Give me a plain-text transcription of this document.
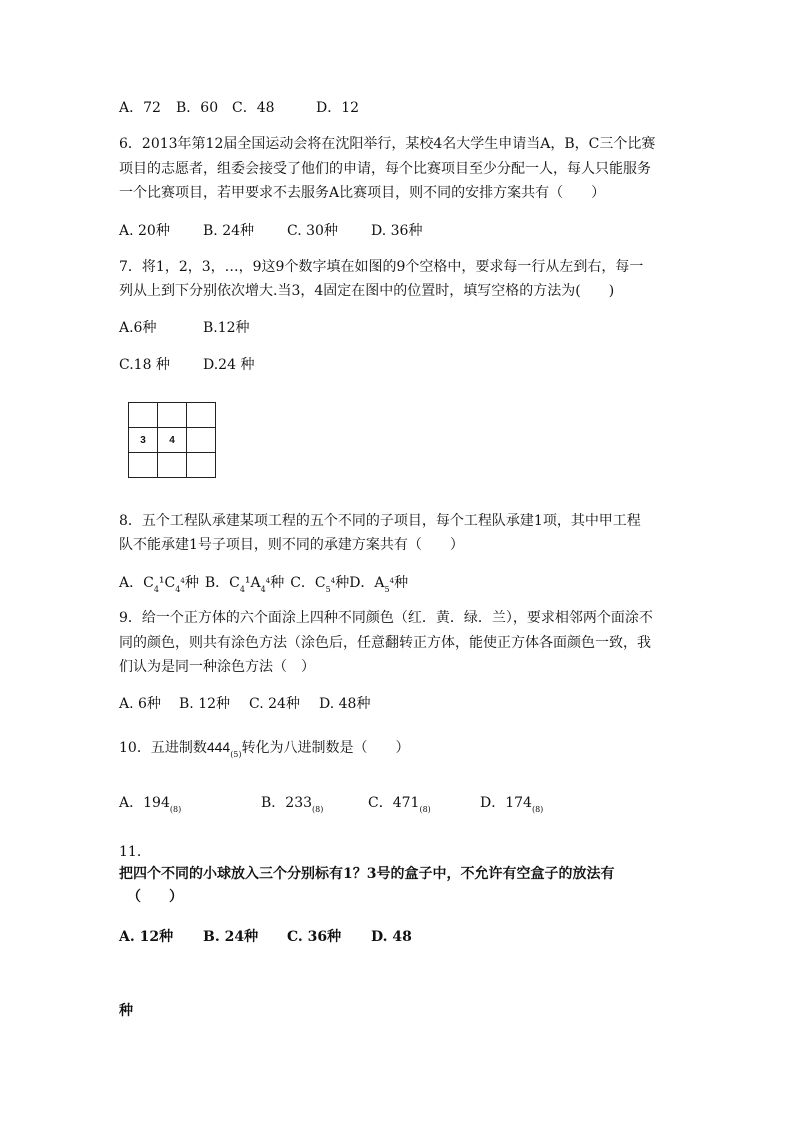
A．72 B．60 C．48	D．12
6．2013年第12届全国运动会将在沈阳举行，某校4名大学生申请当A，B，C三个比赛
项目的志愿者，组委会接受了他们的申请，每个比赛项目至少分配一人，每人只能服务
一个比赛项目，若甲要求不去服务A比赛项目，则不同的安排方案共有（　　）
A. 20种 B. 24种 C. 30种 D. 36种
7．将1，2，3，…，9这9个数字填在如图的9个空格中，要求每一行从左到右，每一
列从上到下分别依次增大.当3，4固定在图中的位置时，填写空格的方法为(　　)
A.6种	B.12种
C.18 种 D.24 种

3	4	

8．五个工程队承建某项工程的五个不同的子项目，每个工程队承建1项，其中甲工程
队不能承建1号子项目，则不同的承建方案共有（　　）
A．$C_4^1C_4^4$种 B．$C_4^1A_4^4$种 C．$C_5^4$种D．$A_5^4$种
9．给一个正方体的六个面涂上四种不同颜色（红．黄．绿．兰），要求相邻两个面涂不
同的颜色，则共有涂色方法（涂色后，任意翻转正方体，能使正方体各面颜色一致，我
们认为是同一种涂色方法（　）
A. 6种 B. 12种 C. 24种 D. 48种
10．五进制数$444_{(5)}$转化为八进制数是（　　）
A．$194_{(8)}$	B．$233_{(8)}$	C．$471_{(8)}$	D．$174_{(8)}$
11．
把四个不同的小球放入三个分别标有1？3号的盒子中，不允许有空盒子的放法有
（　　）
A. 12种 B. 24种 C. 36种 D. 48
种
